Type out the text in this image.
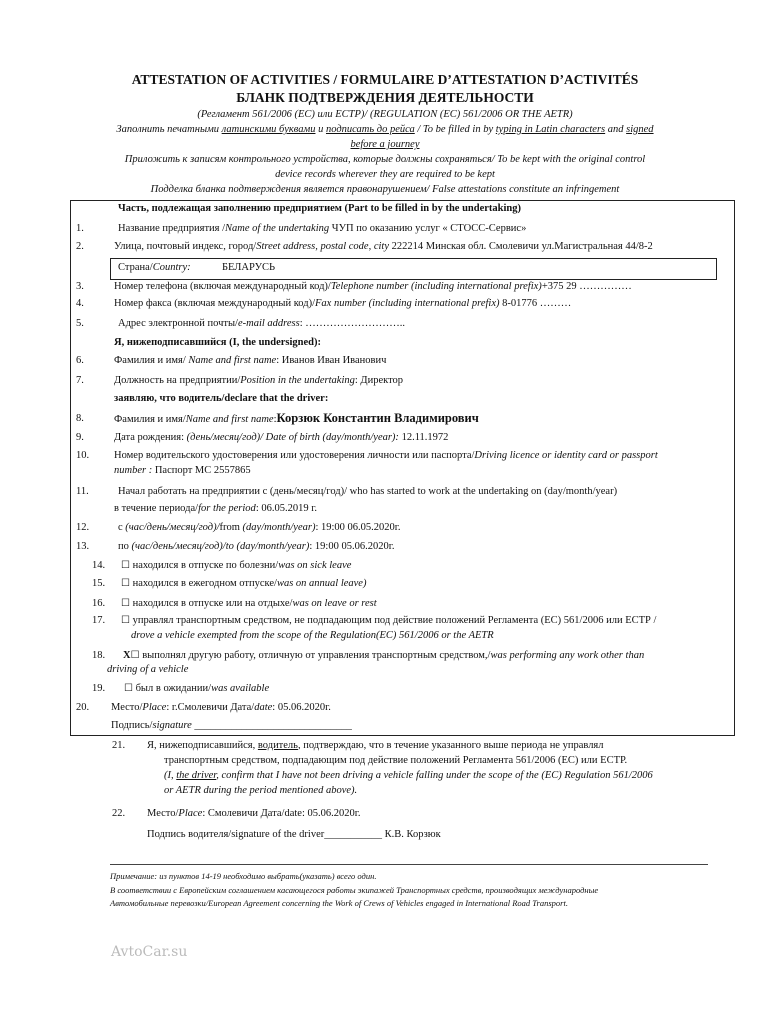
ATTESTATION OF ACTIVITIES / FORMULAIRE D’ATTESTATION D’ACTIVITÉS
БЛАНК ПОДТВЕРЖДЕНИЯ ДЕЯТЕЛЬНОСТИ
(Регламент 561/2006 (ЕС) или ЕСТР)/ (REGULATION (EC) 561/2006 OR THE AETR)
Заполнить печатными латинскими буквами и подписать до рейса / To be filled in by typing in Latin characters and signed
before a journey
Приложить к записям контрольного устройства, которые должны сохраняться/ To be kept with the original control
device records wherever they are required to be kept
Подделка бланка подтверждения является правонарушением/ False attestations constitute an infringement
Часть, подлежащая заполнению предприятием (Part to be filled in by the undertaking)
1.	Название предприятия /Name of the undertaking ЧУП по оказанию услуг « СТОСС-Сервис»
2.	Улица, почтовый индекс, город/Street address, postal code, city 222214 Минская обл. Смолевичи ул.Магистральная 44/8-2
Страна/Country:	БЕЛАРУСЬ
3.	Номер телефона (включая международный код)/Telephone number (including international prefix)+375 29 ……………
4.	Номер факса (включая международный код)/Fax number (including international prefix) 8-01776 ………
5.	Адрес электронной почты/e-mail address: ………………………..
Я, нижеподписавшийся (I, the undersigned):
6.	Фамилия и имя/ Name and first name: Иванов Иван Иванович
7.	Должность на предприятии/Position in the undertaking: Директор
заявляю, что водитель/declare that the driver:
8.	Фамилия и имя/Name and first name:Корзюк Константин Владимирович
9.	Дата рождения: (день/месяц/год)/ Date of birth (day/month/year): 12.11.1972
10. Номер водительского удостоверения или удостоверения личности или паспорта/Driving licence or identity card or passport
number : Паспорт МС 2557865
11.	Начал работать на предприятии с (день/месяц/год)/ who has started to work at the undertaking on (day/month/year)
в течение периода/for the period: 06.05.2019 г.
12.	с (час/день/месяц/год)/from (day/month/year): 19:00 06.05.2020г.
13.	по (час/день/месяц/год)/to (day/month/year): 19:00 05.06.2020г.
14. ☐ находился в отпуске по болезни/was on sick leave
15. ☐ находился в ежегодном отпуске/was on annual leave)
16. ☐ находился в отпуске или на отдыхе/was on leave or rest
17. ☐ управлял транспортным средством, не подпадающим под действие положений Регламента (ЕС) 561/2006 или ЕСТР /
drove a vehicle exempted from the scope of the Regulation(EC) 561/2006 or the AETR
18. X☐ выполнял другую работу, отличную от управления транспортным средством,/was performing any work other than
driving of a vehicle
19. ☐ был в ожидании/was available
20. Место/Place: г.Смолевичи Дата/date: 05.06.2020г.
Подпись/signature ______________________________
21. Я, нижеподписавшийся, водитель, подтверждаю, что в течение указанного выше периода не управлял
транспортным средством, подпадающим под действие положений Регламента 561/2006 (ЕС) или ЕСТР.
(I, the driver, confirm that I have not been driving a vehicle falling under the scope of the (EC) Regulation 561/2006
or AETR during the period mentioned above).
22. Место/Place: Смолевичи Дата/date: 05.06.2020г.
Подпись водителя/signature of the driver___________ К.В. Корзюк
Примечание: из пунктов 14-19 необходимо выбрать(указать) всего один.
В соответствии с Европейским соглашением касающегося работы экипажей Транспортных средств, производящих международные
Автомобильные перевозки/European Agreement concerning the Work of Crews of Vehicles engaged in International Road Transport.
AvtoCar.su
